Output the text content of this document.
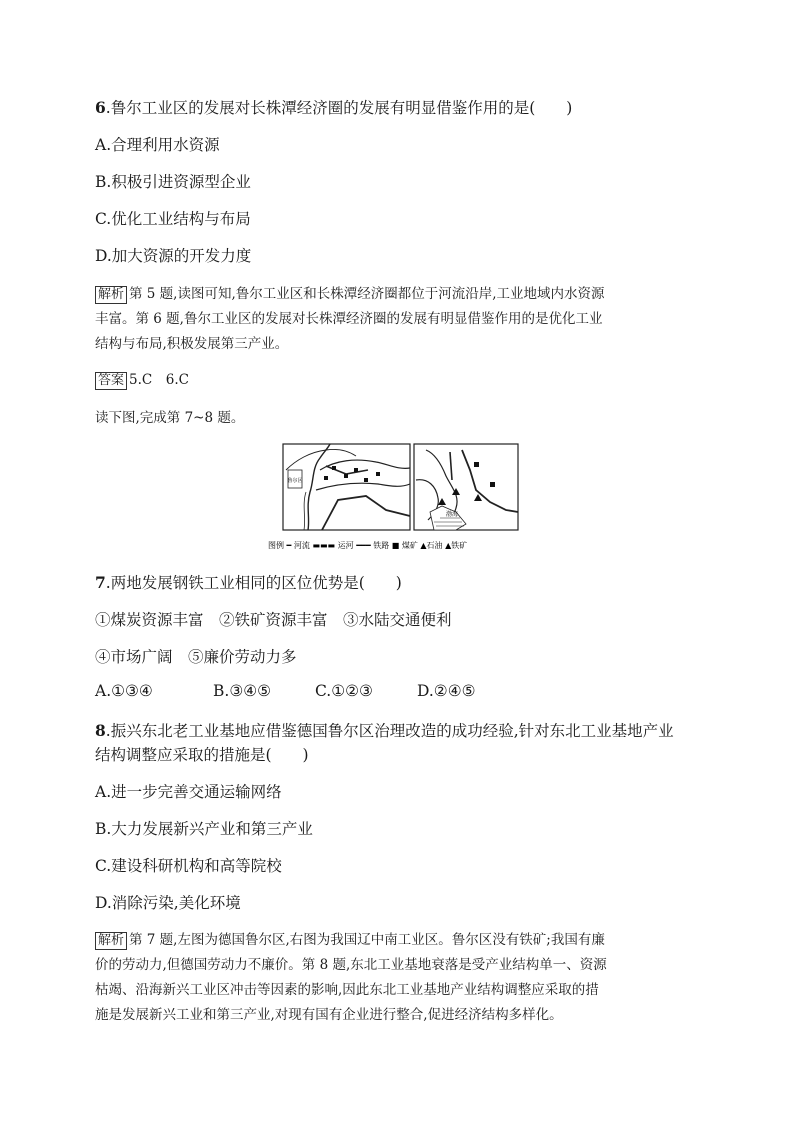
6.鲁尔工业区的发展对长株潭经济圈的发展有明显借鉴作用的是(　　)
A.合理利用水资源
B.积极引进资源型企业
C.优化工业结构与布局
D.加大资源的开发力度
解析 第 5 题,读图可知,鲁尔工业区和长株潭经济圈都位于河流沿岸,工业地域内水资源
丰富。第 6 题,鲁尔工业区的发展对长株潭经济圈的发展有明显借鉴作用的是优化工业
结构与布局,积极发展第三产业。
答案 5.C　6.C
读下图,完成第 7~8 题。
鲁尔区
渤海
图例 ━ 河流 ▬▬▬ 运河 ━━━ 铁路 ■ 煤矿 ▲石油 ▲铁矿
7.两地发展钢铁工业相同的区位优势是(　　)
①煤炭资源丰富　②铁矿资源丰富　③水陆交通便利
④市场广阔　⑤廉价劳动力多
A.①③④	B.③④⑤	C.①②③	D.②④⑤
8.振兴东北老工业基地应借鉴德国鲁尔区治理改造的成功经验,针对东北工业基地产业
结构调整应采取的措施是(　　)
A.进一步完善交通运输网络
B.大力发展新兴产业和第三产业
C.建设科研机构和高等院校
D.消除污染,美化环境
解析 第 7 题,左图为德国鲁尔区,右图为我国辽中南工业区。鲁尔区没有铁矿;我国有廉
价的劳动力,但德国劳动力不廉价。第 8 题,东北工业基地衰落是受产业结构单一、资源
枯竭、沿海新兴工业区冲击等因素的影响,因此东北工业基地产业结构调整应采取的措
施是发展新兴工业和第三产业,对现有国有企业进行整合,促进经济结构多样化。
